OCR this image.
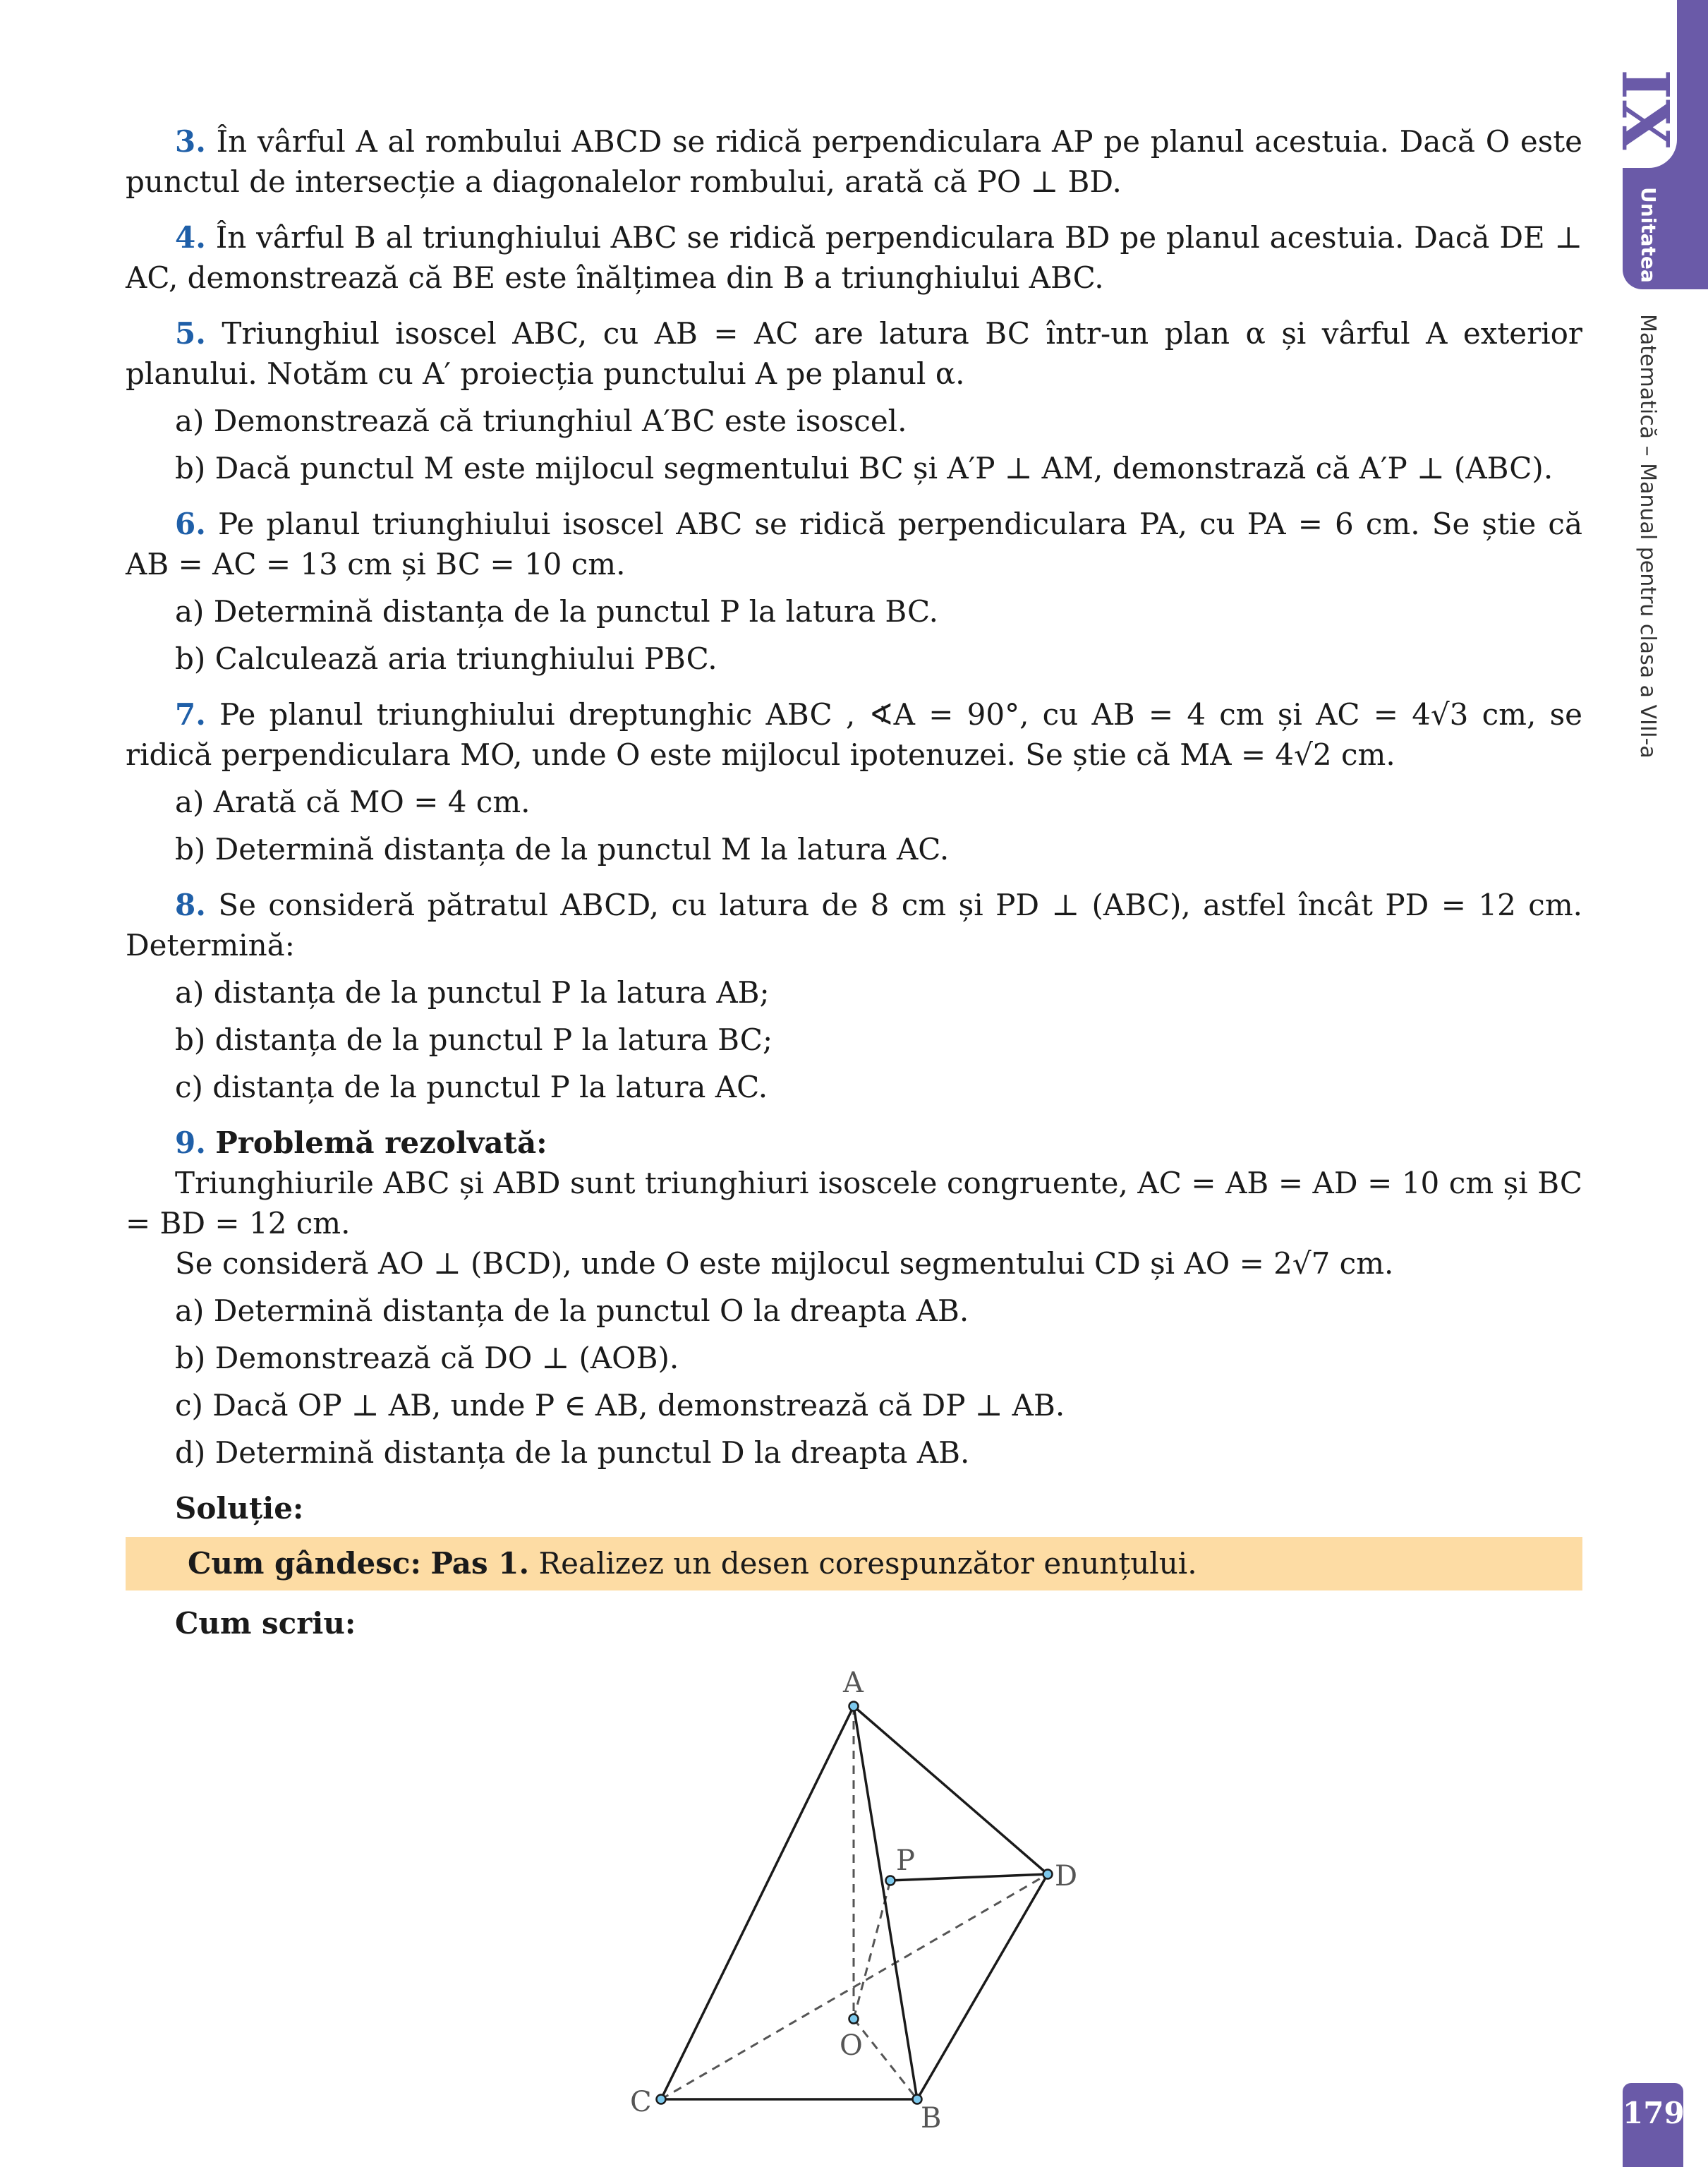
IX
Unitatea
Matematică – Manual pentru clasa a VIII-a

3. În vârful A al rombului ABCD se ridică perpendiculara AP pe planul acestuia. Dacă O este punctul de intersecție a diagonalelor rombului, arată că PO ⊥ BD.

4. În vârful B al triunghiului ABC se ridică perpendiculara BD pe planul acestuia. Dacă DE ⊥ AC, demonstrează că BE este înălțimea din B a triunghiului ABC.

5. Triunghiul isoscel ABC, cu AB = AC are latura BC într-un plan α și vârful A exterior planului. Notăm cu A′ proiecția punctului A pe planul α.

a) Demonstrează că triunghiul A′BC este isoscel.

b) Dacă punctul M este mijlocul segmentului BC și A′P ⊥ AM, demonstrază că A′P ⊥ (ABC).

6. Pe planul triunghiului isoscel ABC se ridică perpendiculara PA, cu PA = 6 cm. Se știe că AB = AC = 13 cm și BC = 10 cm.

a) Determină distanța de la punctul P la latura BC.

b) Calculează aria triunghiului PBC.

7. Pe planul triunghiului dreptunghic ABC , ∢A = 90°, cu AB = 4 cm și AC = 4√3 cm, se ridică perpendiculara MO, unde O este mijlocul ipotenuzei. Se știe că MA = 4√2 cm.

a) Arată că MO = 4 cm.

b) Determină distanța de la punctul M la latura AC.

8. Se consideră pătratul ABCD, cu latura de 8 cm și PD ⊥ (ABC), astfel încât PD = 12 cm. Determină:

a) distanța de la punctul P la latura AB;

b) distanța de la punctul P la latura BC;

c) distanța de la punctul P la latura AC.

9. Problemă rezolvată:

Triunghiurile ABC și ABD sunt triunghiuri isoscele congruente, AC = AB = AD = 10 cm și BC = BD = 12 cm.

Se consideră AO ⊥ (BCD), unde O este mijlocul segmentului CD și AO = 2√7 cm.

a) Determină distanța de la punctul O la dreapta AB.

b) Demonstrează că DO ⊥ (AOB).

c) Dacă OP ⊥ AB, unde P ∈ AB, demonstrează că DP ⊥ AB.

d) Determină distanța de la punctul D la dreapta AB.

Soluție:

Cum gândesc: Pas 1. Realizez un desen corespunzător enunțului.

Cum scriu:

A
P	D
O
C	B	179
